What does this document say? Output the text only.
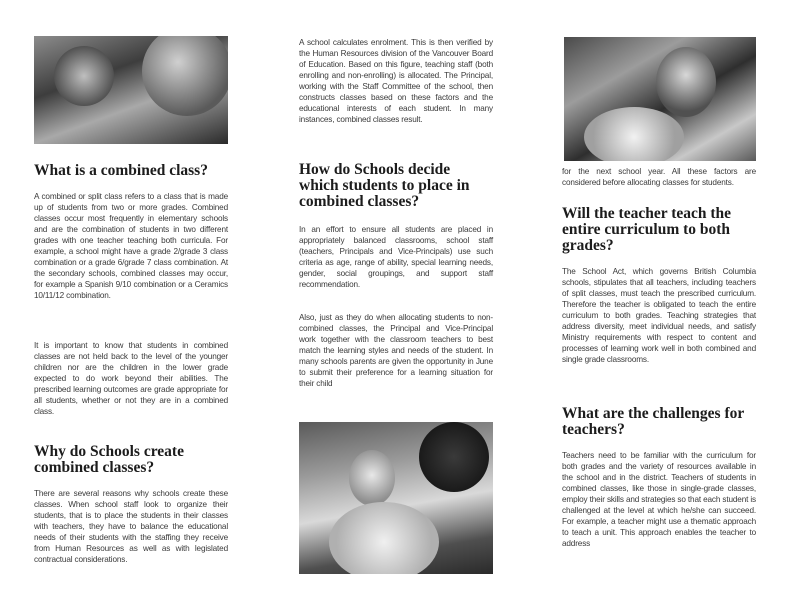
What is a combined class?
A combined or split class refers to a class that is made up of students from two or more grades. Combined classes occur most frequently in elementary schools and are the combination of students in two different grades with one teacher teaching both curricula. For example, a school might have a grade 2/grade 3 class combination or a grade 6/grade 7 class combination. At the secondary schools, combined classes may occur, for example a Spanish 9/10 combination or a Ceramics 10/11/12 combination.
It is important to know that students in combined classes are not held back to the level of the younger children nor are the children in the lower grade expected to do work beyond their abilities. The prescribed learning outcomes are grade appropriate for all students, whether or not they are in a combined class.
Why do Schools create combined classes?
There are several reasons why schools create these classes. When school staff look to organize their students, that is to place the students in their classes with teachers, they have to balance the educational needs of their students with the staffing they receive from Human Resources as well as with legislated contractual considerations.
A school calculates enrolment. This is then verified by the Human Resources division of the Vancouver Board of Education. Based on this figure, teaching staff (both enrolling and non-enrolling) is allocated. The Principal, working with the Staff Committee of the school, then constructs classes based on these factors and the educational interests of each student. In many instances, combined classes result.
How do Schools decide which students to place in combined classes?
In an effort to ensure all students are placed in appropriately balanced classrooms, school staff (teachers, Principals and Vice-Principals) use such criteria as age, range of ability, special learning needs, gender, social groupings, and support staff recommendation.
Also, just as they do when allocating students to non-combined classes, the Principal and Vice-Principal work together with the classroom teachers to best match the learning styles and needs of the student. In many schools parents are given the opportunity in June to submit their preference for a learning situation for their child
for the next school year. All these factors are considered before allocating classes for students.
Will the teacher teach the entire curriculum to both grades?
The School Act, which governs British Columbia schools, stipulates that all teachers, including teachers of split classes, must teach the prescribed curriculum. Therefore the teacher is obligated to teach the entire curriculum to both grades. Teaching strategies that address diversity, meet individual needs, and satisfy Ministry requirements with respect to content and processes of learning work well in both combined and single grade classrooms.
What are the challenges for teachers?
Teachers need to be familiar with the curriculum for both grades and the variety of resources available in the school and in the district. Teachers of students in combined classes, like those in single-grade classes, employ their skills and strategies so that each student is challenged at the level at which he/she can succeed. For example, a teacher might use a thematic approach to teach a unit. This approach enables the teacher to address
